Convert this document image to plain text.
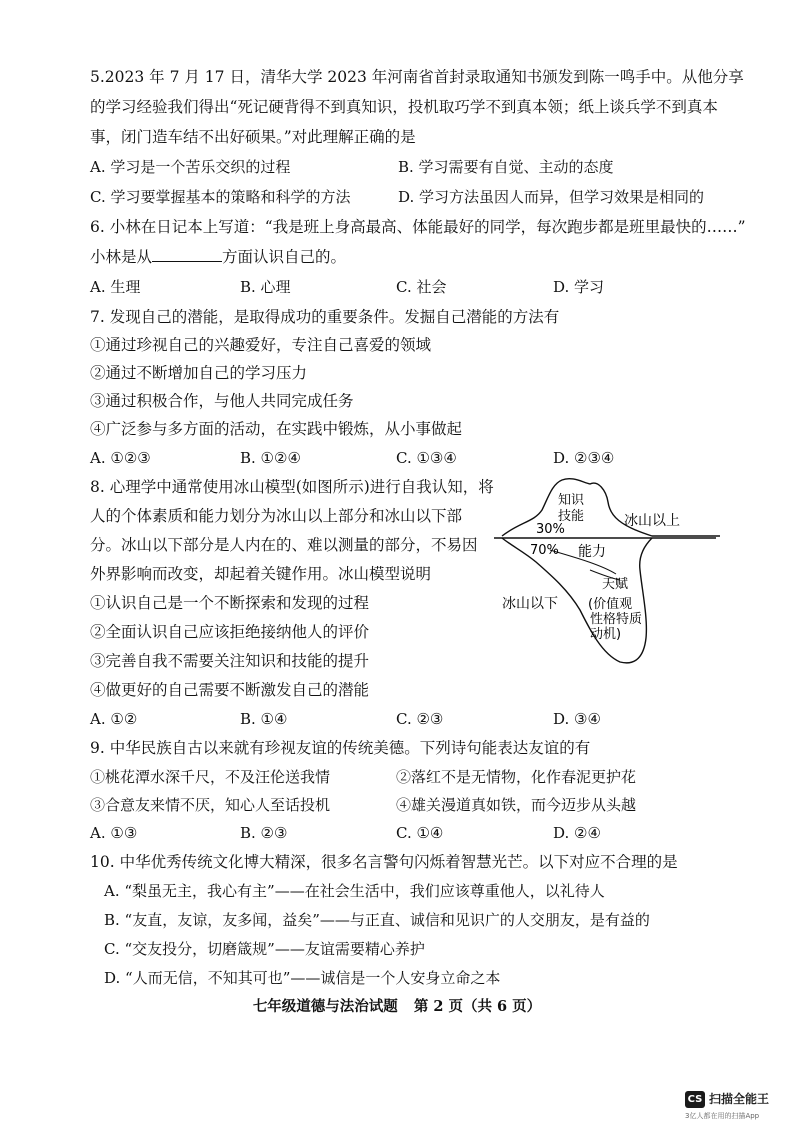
5.2023 年 7 月 17 日，清华大学 2023 年河南省首封录取通知书颁发到陈一鸣手中。从他分享
的学习经验我们得出“死记硬背得不到真知识，投机取巧学不到真本领；纸上谈兵学不到真本
事，闭门造车结不出好硕果。”对此理解正确的是
A. 学习是一个苦乐交织的过程	B. 学习需要有自觉、主动的态度
C. 学习要掌握基本的策略和科学的方法	D. 学习方法虽因人而异，但学习效果是相同的
6. 小林在日记本上写道：“我是班上身高最高、体能最好的同学，每次跑步都是班里最快的……”
小林是从	方面认识自己的。
A. 生理	B. 心理	C. 社会	D. 学习
7. 发现自己的潜能，是取得成功的重要条件。发掘自己潜能的方法有
①通过珍视自己的兴趣爱好，专注自己喜爱的领域
②通过不断增加自己的学习压力
③通过积极合作，与他人共同完成任务
④广泛参与多方面的活动，在实践中锻炼，从小事做起
A. ①②③	B. ①②④	C. ①③④	D. ②③④
8. 心理学中通常使用冰山模型(如图所示)进行自我认知，将
人的个体素质和能力划分为冰山以上部分和冰山以下部
分。冰山以下部分是人内在的、难以测量的部分，不易因
外界影响而改变，却起着关键作用。冰山模型说明
①认识自己是一个不断探索和发现的过程
②全面认识自己应该拒绝接纳他人的评价
③完善自我不需要关注知识和技能的提升
④做更好的自己需要不断激发自己的潜能
A. ①②	B. ①④	C. ②③	D. ③④
知识
技能
30%
冰山以上
70% 能力
天赋
冰山以下 (价值观
性格特质
动机)
9. 中华民族自古以来就有珍视友谊的传统美德。下列诗句能表达友谊的有
①桃花潭水深千尺，不及汪伦送我情	②落红不是无情物，化作春泥更护花
③合意友来情不厌，知心人至话投机	④雄关漫道真如铁，而今迈步从头越
A. ①③	B. ②③	C. ①④	D. ②④
10. 中华优秀传统文化博大精深，很多名言警句闪烁着智慧光芒。以下对应不合理的是
A. “梨虽无主，我心有主”——在社会生活中，我们应该尊重他人，以礼待人
B. “友直，友谅，友多闻，益矣”——与正直、诚信和见识广的人交朋友，是有益的
C. “交友投分，切磨箴规”——友谊需要精心养护
D. “人而无信，不知其可也”——诚信是一个人安身立命之本
七年级道德与法治试题 第 2 页（共 6 页）
CS 扫描全能王
3亿人都在用的扫描App
